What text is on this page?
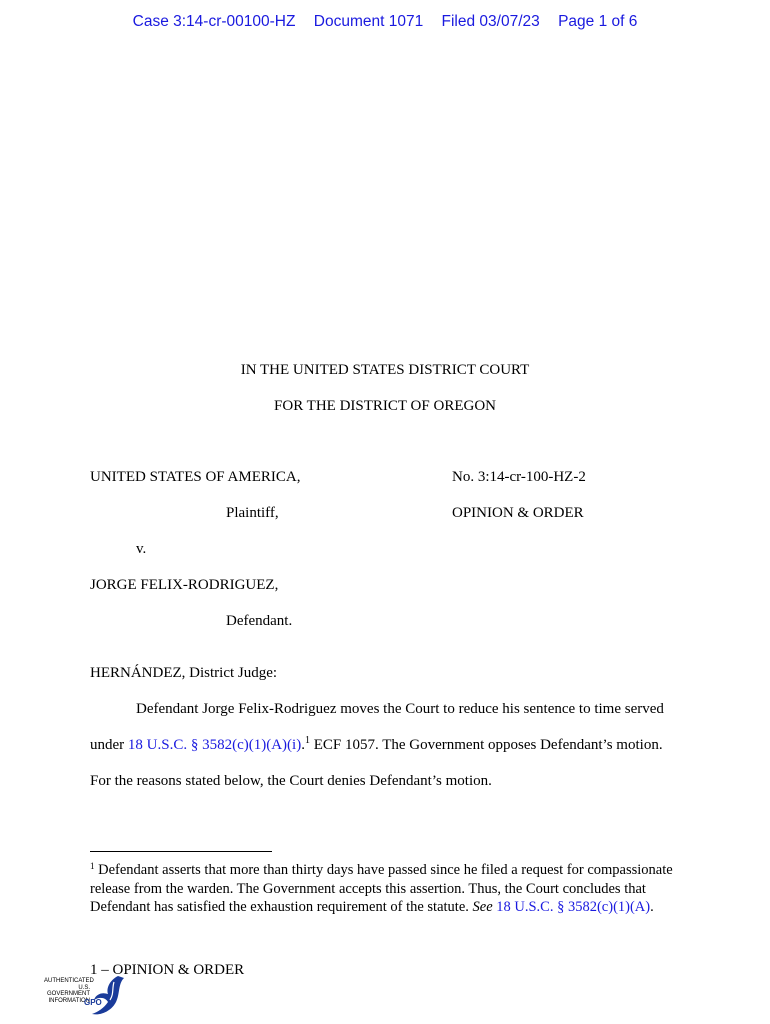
Case 3:14-cr-00100-HZ Document 1071 Filed 03/07/23 Page 1 of 6
IN THE UNITED STATES DISTRICT COURT
FOR THE DISTRICT OF OREGON
UNITED STATES OF AMERICA,	No. 3:14-cr-100-HZ-2
Plaintiff,	OPINION & ORDER
v.
JORGE FELIX-RODRIGUEZ,
Defendant.
HERNÁNDEZ, District Judge:
Defendant Jorge Felix-Rodriguez moves the Court to reduce his sentence to time served
under 18 U.S.C. § 3582(c)(1)(A)(i).$^1$ ECF 1057. The Government opposes Defendant’s motion.
For the reasons stated below, the Court denies Defendant’s motion.
$^1$ Defendant asserts that more than thirty days have passed since he filed a request for compassionate release from the warden. The Government accepts this assertion. Thus, the Court concludes that Defendant has satisfied the exhaustion requirement of the statute. See 18 U.S.C. § 3582(c)(1)(A).
1 – OPINION & ORDER
AUTHENTICATED U.S. GOVERNMENT INFORMATION
GPO
